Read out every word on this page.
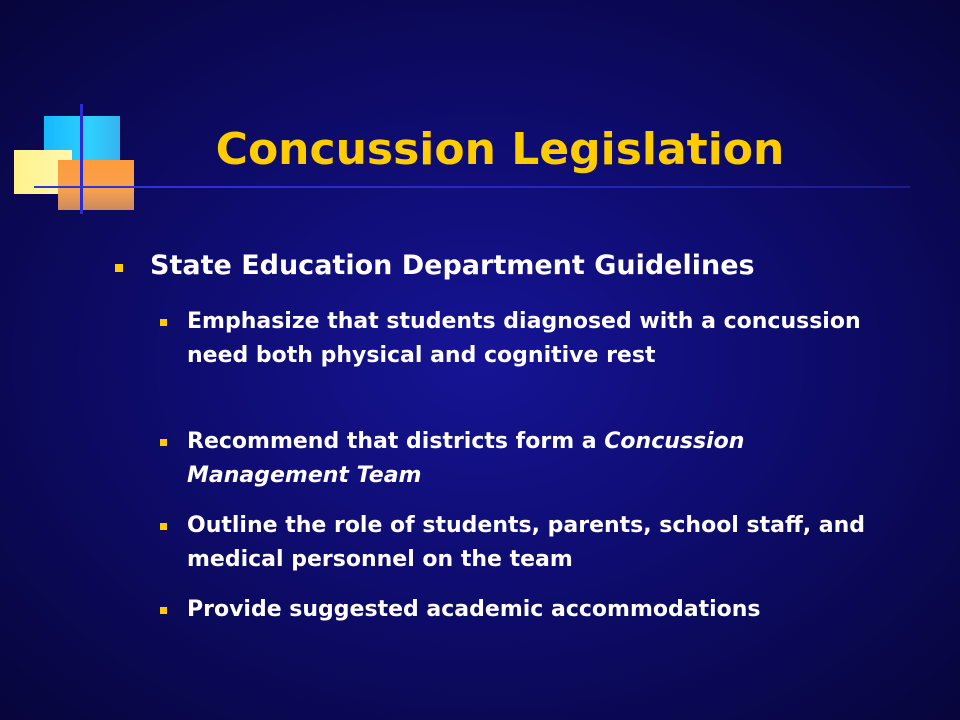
Concussion Legislation
State Education Department Guidelines
Emphasize that students diagnosed with a concussion need both physical and cognitive rest
Recommend that districts form a Concussion Management Team
Outline the role of students, parents, school staff, and medical personnel on the team
Provide suggested academic accommodations
